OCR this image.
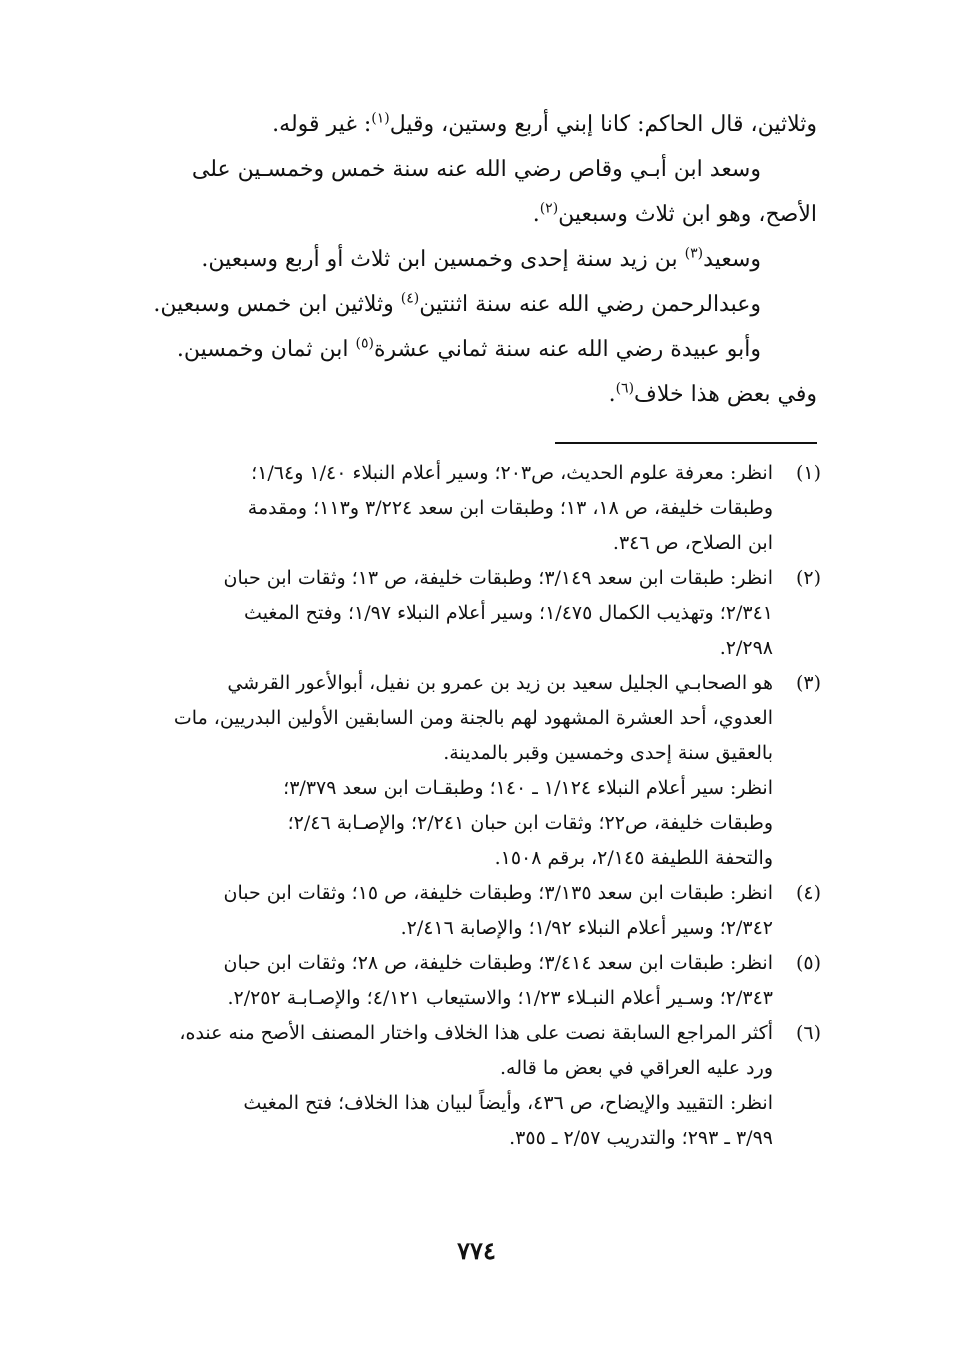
وثلاثين، قال الحاكم: كانا إبني أربع وستين، وقيل$^{(١)}$: غير قوله.
وسعد ابن أبـي وقاص رضي الله عنه سنة خمس وخمسـين على
الأصح، وهو ابن ثلاث وسبعين$^{(٢)}$.
وسعيد$^{(٣)}$ بن زيد سنة إحدى وخمسين ابن ثلاث أو أربع وسبعين.
وعبدالرحمن رضي الله عنه سنة اثنتين$^{(٤)}$ وثلاثين ابن خمس وسبعين.
وأبو عبيدة رضي الله عنه سنة ثماني عشرة$^{(٥)}$ ابن ثمان وخمسين.
وفي بعض هذا خلاف$^{(٦)}$.
(١)
انظر: معرفة علوم الحديث، ص٢٠٣؛ وسير أعلام النبلاء ١/٤٠ و١/٦٤؛
وطبقات خليفة، ص ١٨، ١٣؛ وطبقات ابن سعد ٣/٢٢٤ و١١٣؛ ومقدمة
ابن الصلاح، ص ٣٤٦.
(٢)
انظر: طبقات ابن سعد ٣/١٤٩؛ وطبقات خليفة، ص ١٣؛ وثقات ابن حبان
٢/٣٤١؛ وتهذيب الكمال ١/٤٧٥؛ وسير أعلام النبلاء ١/٩٧؛ وفتح المغيث
٢/٢٩٨.
(٣)
هو الصحابـي الجليل سعيد بن زيد بن عمرو بن نفيل، أبوالأعور القرشي
العدوي، أحد العشرة المشهود لهم بالجنة ومن السابقين الأولين البدريين، مات
بالعقيق سنة إحدى وخمسين وقبر بالمدينة.
انظر: سير أعلام النبلاء ١/١٢٤ ـ ١٤٠؛ وطبقـات ابن سعد ٣/٣٧٩؛
وطبقات خليفة، ص٢٢؛ وثقات ابن حبان ٢/٢٤١؛ والإصـابة ٢/٤٦؛
والتحفة اللطيفة ٢/١٤٥، برقم ١٥٠٨.
(٤)
انظر: طبقات ابن سعد ٣/١٣٥؛ وطبقات خليفة، ص ١٥؛ وثقات ابن حبان
٢/٣٤٢؛ وسير أعلام النبلاء ١/٩٢؛ والإصابة ٢/٤١٦.
(٥)
انظر: طبقات ابن سعد ٣/٤١٤؛ وطبقات خليفة، ص ٢٨؛ وثقات ابن حبان
٢/٣٤٣؛ وسـير أعلام النبـلاء ١/٢٣؛ والاستيعاب ٤/١٢١؛ والإصـابـة ٢/٢٥٢.
(٦)
أكثر المراجع السابقة نصت على هذا الخلاف واختار المصنف الأصح منه عنده،
ورد عليه العراقي في بعض ما قاله.
انظر: التقييد والإيضاح، ص ٤٣٦، وأيضاً لبيان هذا الخلاف؛ فتح المغيث
٣/٩٩ ـ ٢٩٣؛ والتدريب ٢/٥٧ ـ ٣٥٥.
٧٧٤
